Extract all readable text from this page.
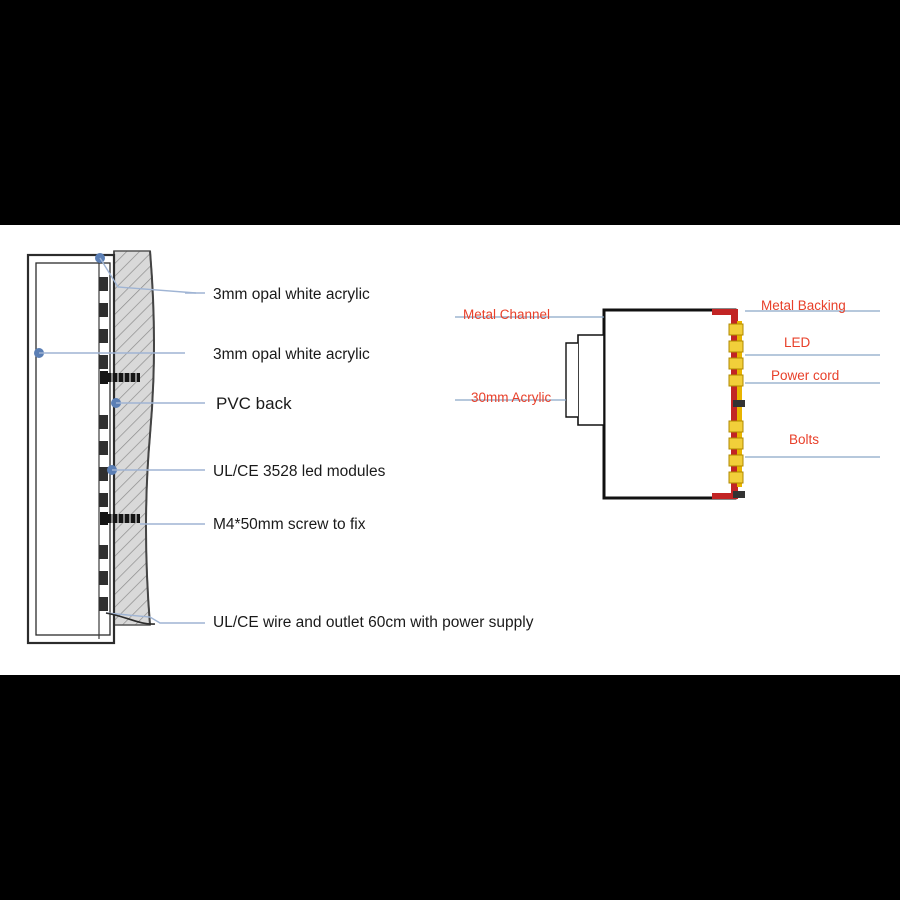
3mm opal white acrylic
3mm opal white acrylic
PVC back
UL/CE 3528 led modules
M4*50mm screw to fix
UL/CE wire and outlet 60cm with power supply
Metal Channel
30mm Acrylic
Metal Backing
LED
Power cord
Bolts
